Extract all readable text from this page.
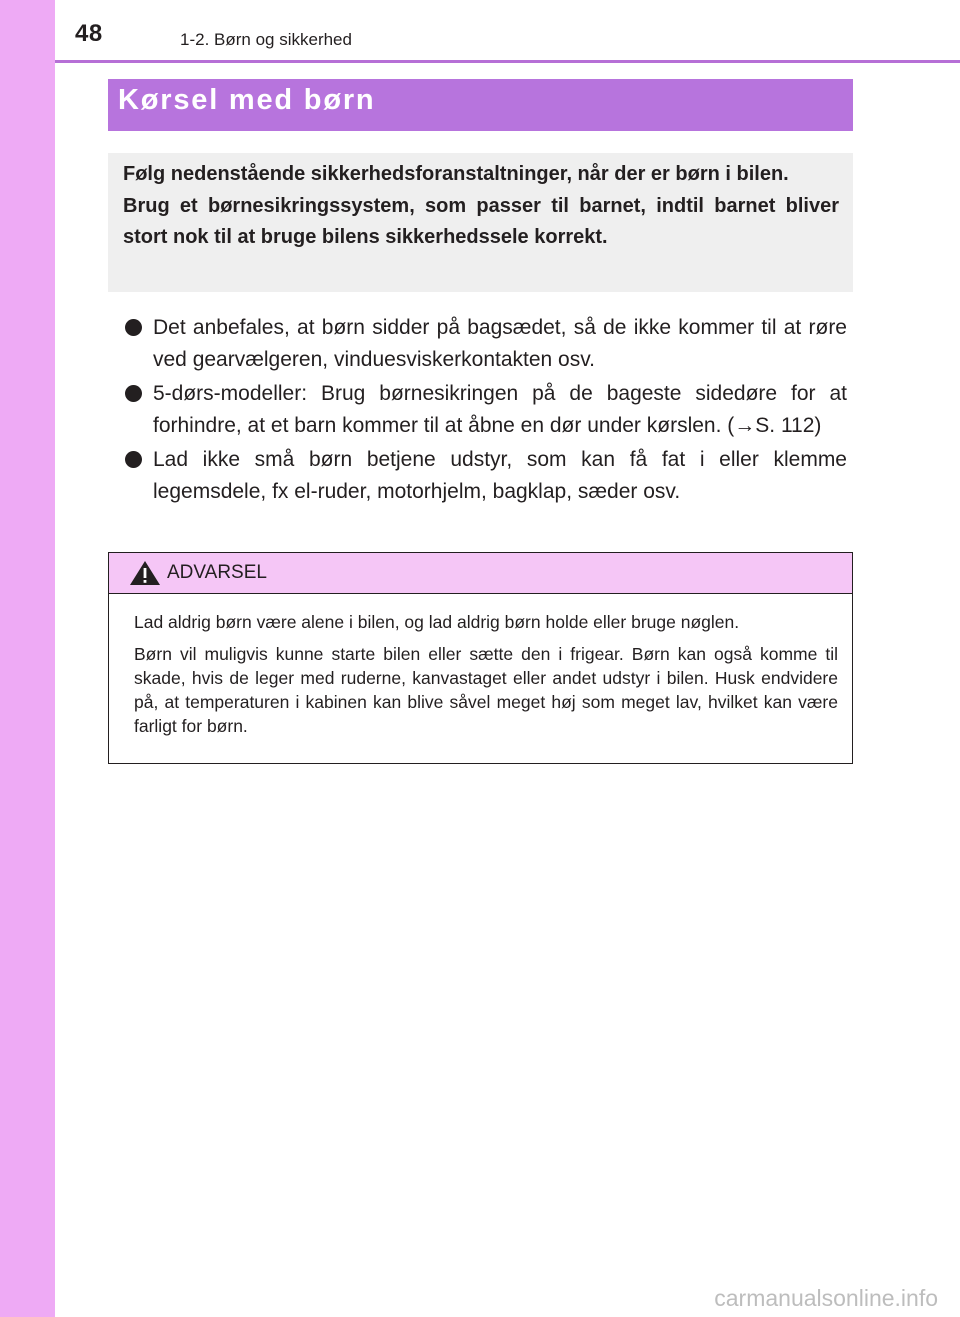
48	1-2. Børn og sikkerhed
Kørsel med børn

Følg nedenstående sikkerhedsforanstaltninger, når der er børn i bilen.

Brug et børnesikringssystem, som passer til barnet, indtil barnet bliver stort nok til at bruge bilens sikkerhedssele korrekt.

Det anbefales, at børn sidder på bagsædet, så de ikke kommer til at røre ved gearvælgeren, vinduesviskerkontakten osv.
5-dørs-modeller: Brug børnesikringen på de bageste sidedøre for at forhindre, at et barn kommer til at åbne en dør under kørslen. (→S. 112)
Lad ikke små børn betjene udstyr, som kan få fat i eller klemme legemsdele, fx el-ruder, motorhjelm, bagklap, sæder osv.
ADVARSEL

Lad aldrig børn være alene i bilen, og lad aldrig børn holde eller bruge nøglen.

Børn vil muligvis kunne starte bilen eller sætte den i frigear. Børn kan også komme til skade, hvis de leger med ruderne, kanvastaget eller andet udstyr i bilen. Husk endvidere på, at temperaturen i kabinen kan blive såvel meget høj som meget lav, hvilket kan være farligt for børn.

carmanualsonline.info
